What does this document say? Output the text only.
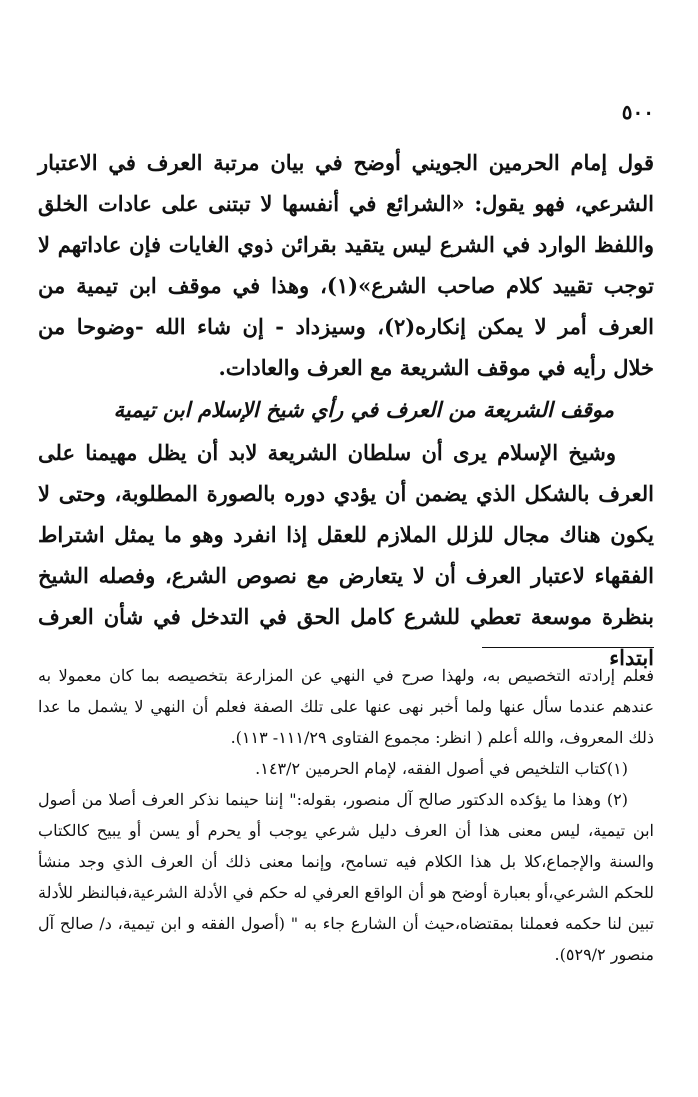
٥٠٠

قول إمام الحرمين الجويني أوضح في بيان مرتبة العرف في الاعتبار الشرعي، فهو يقول: «الشرائع في أنفسها لا تبتنى على عادات الخلق واللفظ الوارد في الشرع ليس يتقيد بقرائن ذوي الغايات فإن عاداتهم لا توجب تقييد كلام صاحب الشرع»(١)، وهذا في موقف ابن تيمية من العرف أمر لا يمكن إنكاره(٢)، وسيزداد - إن شاء الله -وضوحا من خلال رأيه في موقف الشريعة مع العرف والعادات.

موقف الشريعة من العرف في رأي شيخ الإسلام ابن تيمية

وشيخ الإسلام يرى أن سلطان الشريعة لابد أن يظل مهيمنا على العرف بالشكل الذي يضمن أن يؤدي دوره بالصورة المطلوبة، وحتى لا يكون هناك مجال للزلل الملازم للعقل إذا انفرد وهو ما يمثل اشتراط الفقهاء لاعتبار العرف أن لا يتعارض مع نصوص الشرع، وفصله الشيخ بنظرة موسعة تعطي للشرع كامل الحق في التدخل في شأن العرف ابتداء

فعلم إرادته التخصيص به، ولهذا صرح في النهي عن المزارعة بتخصيصه بما كان معمولا به عندهم عندما سأل عنها ولما أخبر نهى عنها على تلك الصفة فعلم أن النهي لا يشمل ما عدا ذلك المعروف، والله أعلم ( انظر: مجموع الفتاوى ١١١/٢٩- ١١٣).

(١)كتاب التلخيص في أصول الفقه، لإمام الحرمين ١٤٣/٢.

(٢) وهذا ما يؤكده الدكتور صالح آل منصور، بقوله:" إننا حينما نذكر العرف أصلا من أصول ابن تيمية، ليس معنى هذا أن العرف دليل شرعي يوجب أو يحرم أو يسن أو يبيح كالكتاب والسنة والإجماع،كلا بل هذا الكلام فيه تسامح، وإنما معنى ذلك أن العرف الذي وجد منشأ للحكم الشرعي،أو بعبارة أوضح هو أن الواقع العرفي له حكم في الأدلة الشرعية،فبالنظر للأدلة تبين لنا حكمه فعملنا بمقتضاه،حيث أن الشارع جاء به " (أصول الفقه و ابن تيمية، د/ صالح آل منصور ٥٢٩/٢).
